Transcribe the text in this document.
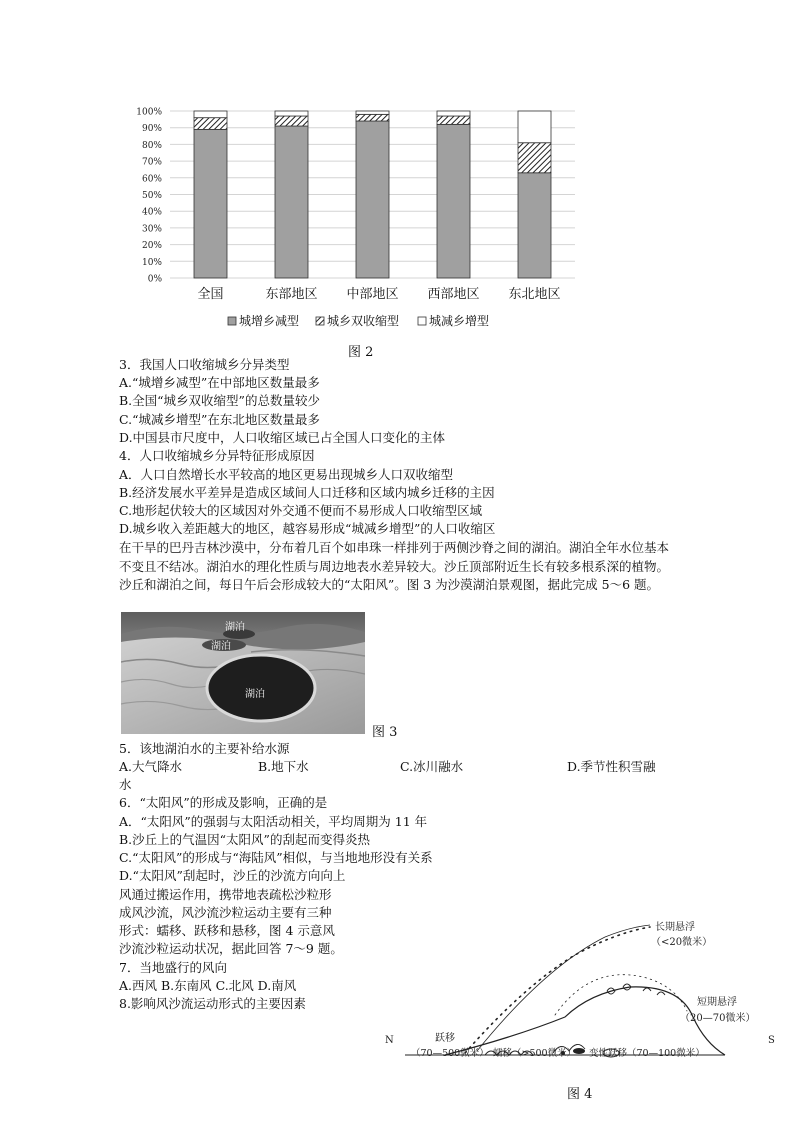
0%
10%
20%
30%
40%
50%
60%
70%
80%
90%
100%
全国	东部地区 中部地区 西部地区 东北地区
城增乡减型 城乡双收缩型 城减乡增型
图 2
3．我国人口收缩城乡分异类型
A.“城增乡减型”在中部地区数量最多
B.全国“城乡双收缩型”的总数量较少
C.“城减乡增型”在东北地区数量最多
D.中国县市尺度中，人口收缩区域已占全国人口变化的主体
4．人口收缩城乡分异特征形成原因
A．人口自然增长水平较高的地区更易出现城乡人口双收缩型
B.经济发展水平差异是造成区域间人口迁移和区域内城乡迁移的主因
C.地形起伏较大的区域因对外交通不便而不易形成人口收缩型区域
D.城乡收入差距越大的地区，越容易形成“城减乡增型”的人口收缩区
在干旱的巴丹吉林沙漠中，分布着几百个如串珠一样排列于两侧沙脊之间的湖泊。湖泊全年水位基本不变且不结冰。湖泊水的理化性质与周边地表水差异较大。沙丘顶部附近生长有较多根系深的植物。沙丘和湖泊之间，每日午后会形成较大的“太阳风”。图 3 为沙漠湖泊景观图，据此完成 5～6 题。
湖泊
湖泊
湖泊
图 3
5．该地湖泊水的主要补给水源
A.大气降水	B.地下水	C.冰川融水	D.季节性积雪融
水
6．“太阳风”的形成及影响，正确的是
A．“太阳风”的强弱与太阳活动相关，平均周期为 11 年
B.沙丘上的气温因“太阳风”的刮起而变得炎热
C.“太阳风”的形成与“海陆风”相似，与当地地形没有关系
D.“太阳风”刮起时，沙丘的沙流方向向上
风通过搬运作用，携带地表疏松沙粒形
成风沙流，风沙流沙粒运动主要有三种
形式：蠕移、跃移和悬移，图 4 示意风
沙流沙粒运动状况，据此回答 7～9 题。
7．当地盛行的风向
A.西风 B.东南风 C.北风 D.南风
8.影响风沙流运动形式的主要因素
N	S
长期悬浮
（<20微米）
短期悬浮
（20—70微米）
跃移
（70—500微米） 蠕移（>500微米） 变性跃移（70—100微米）
图 4
